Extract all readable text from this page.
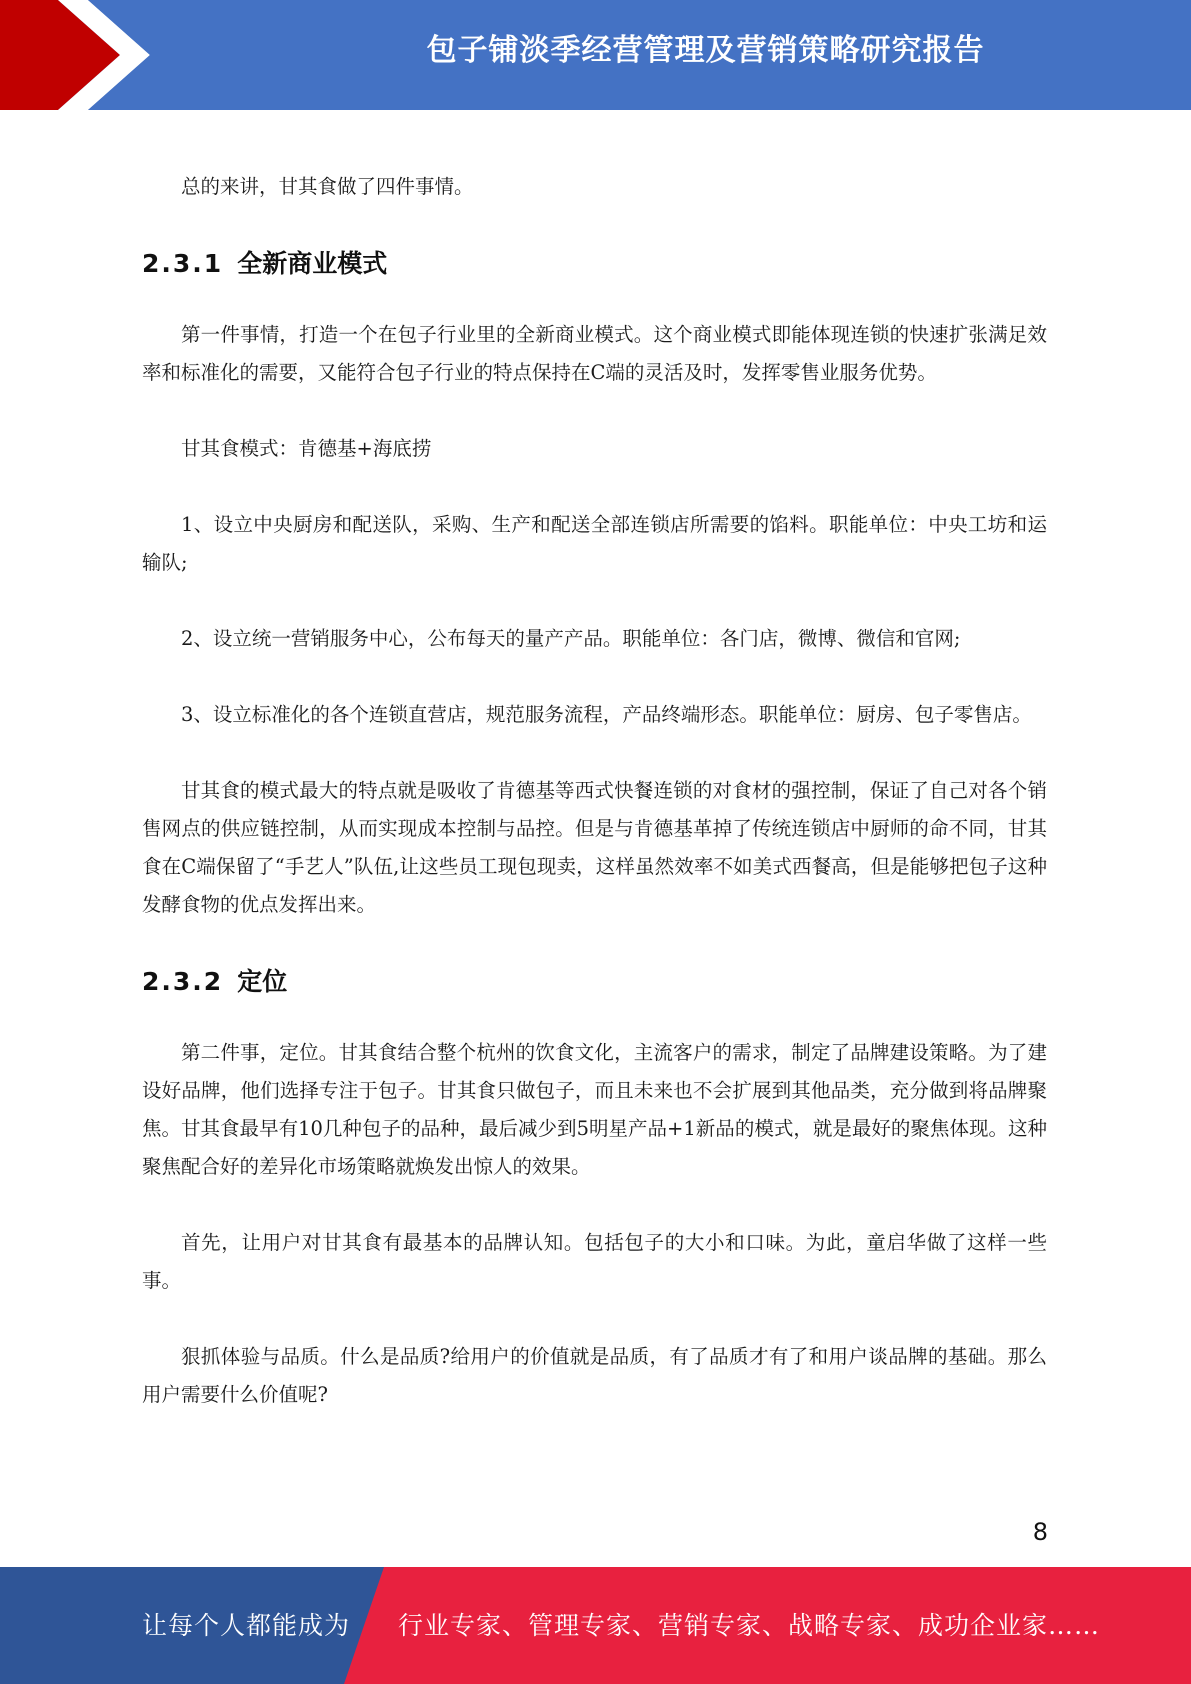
包子铺淡季经营管理及营销策略研究报告

总的来讲，甘其食做了四件事情。

2.3.1 全新商业模式

第一件事情，打造一个在包子行业里的全新商业模式。这个商业模式即能体现连锁的快速扩张满足效率和标准化的需要，又能符合包子行业的特点保持在C端的灵活及时，发挥零售业服务优势。

甘其食模式：肯德基+海底捞

1、设立中央厨房和配送队，采购、生产和配送全部连锁店所需要的馅料。职能单位：中央工坊和运输队;

2、设立统一营销服务中心，公布每天的量产产品。职能单位：各门店，微博、微信和官网;

3、设立标准化的各个连锁直营店，规范服务流程，产品终端形态。职能单位：厨房、包子零售店。

甘其食的模式最大的特点就是吸收了肯德基等西式快餐连锁的对食材的强控制，保证了自己对各个销售网点的供应链控制，从而实现成本控制与品控。但是与肯德基革掉了传统连锁店中厨师的命不同，甘其食在C端保留了“手艺人”队伍,让这些员工现包现卖，这样虽然效率不如美式西餐高，但是能够把包子这种发酵食物的优点发挥出来。

2.3.2 定位

第二件事，定位。甘其食结合整个杭州的饮食文化，主流客户的需求，制定了品牌建设策略。为了建设好品牌，他们选择专注于包子。甘其食只做包子，而且未来也不会扩展到其他品类，充分做到将品牌聚焦。甘其食最早有10几种包子的品种，最后减少到5明星产品+1新品的模式，就是最好的聚焦体现。这种聚焦配合好的差异化市场策略就焕发出惊人的效果。

首先，让用户对甘其食有最基本的品牌认知。包括包子的大小和口味。为此，童启华做了这样一些事。

狠抓体验与品质。什么是品质?给用户的价值就是品质，有了品质才有了和用户谈品牌的基础。那么用户需要什么价值呢?

8
让每个人都能成为 行业专家、管理专家、营销专家、战略专家、成功企业家……
